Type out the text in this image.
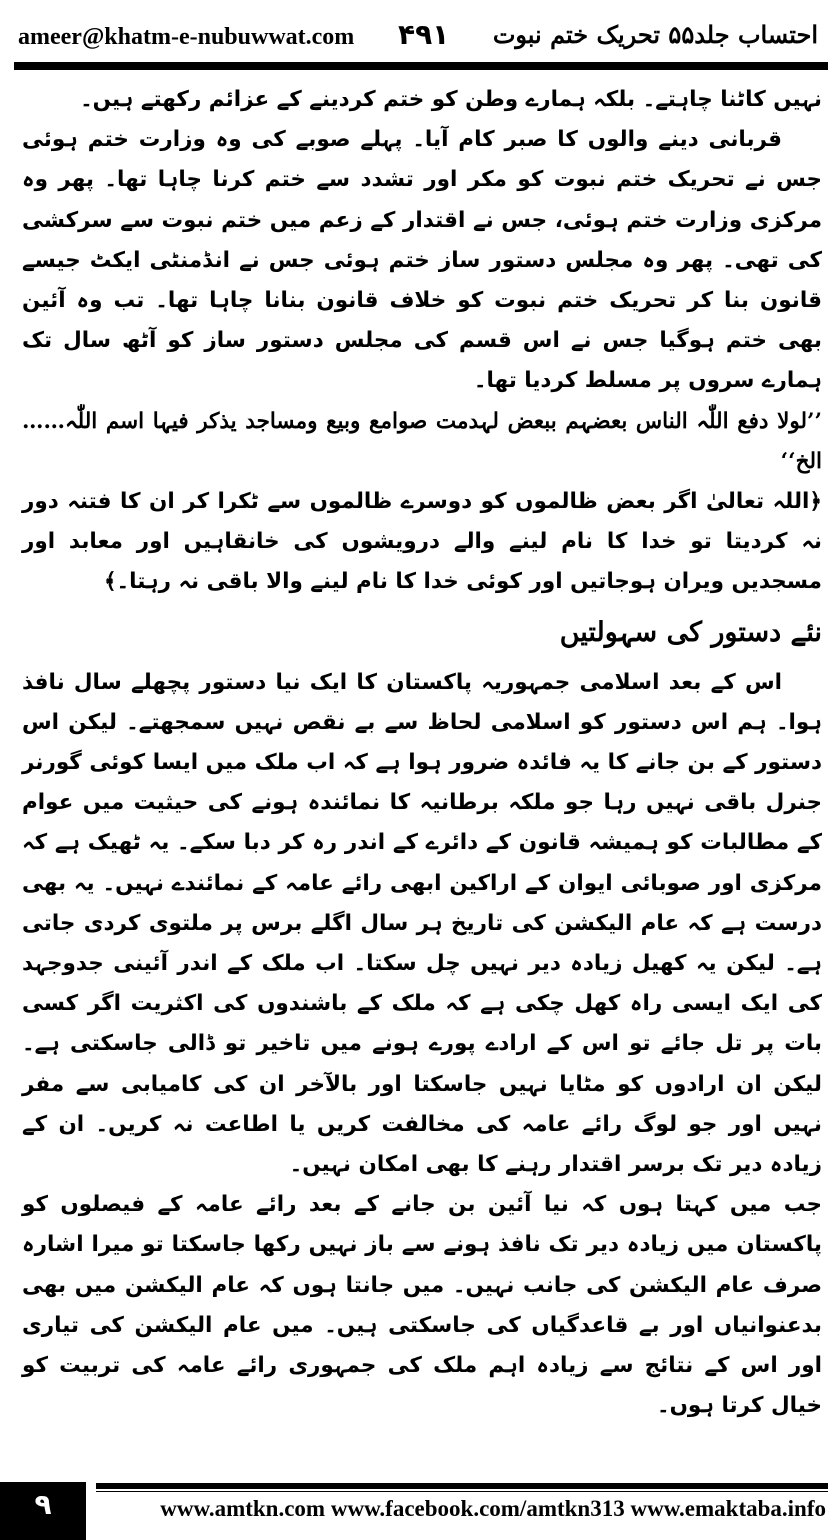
ameer@khatm-e-nubuwwat.com ۴۹۱ احتساب جلد۵۵ تحریک ختم نبوت

نہیں کاٹنا چاہتے۔ بلکہ ہمارے وطن کو ختم کردینے کے عزائم رکھتے ہیں۔

قربانی دینے والوں کا صبر کام آیا۔ پہلے صوبے کی وہ وزارت ختم ہوئی جس نے تحریک ختم نبوت کو مکر اور تشدد سے ختم کرنا چاہا تھا۔ پھر وہ مرکزی وزارت ختم ہوئی، جس نے اقتدار کے زعم میں ختم نبوت سے سرکشی کی تھی۔ پھر وہ مجلس دستور ساز ختم ہوئی جس نے انڈمنٹی ایکٹ جیسے قانون بنا کر تحریک ختم نبوت کو خلاف قانون بنانا چاہا تھا۔ تب وہ آئین بھی ختم ہوگیا جس نے اس قسم کی مجلس دستور ساز کو آٹھ سال تک ہمارے سروں پر مسلط کردیا تھا۔

’’لولا دفع اللّٰہ الناس بعضہم ببعض لہدمت صوامع وبیع ومساجد یذکر فیہا اسم اللّٰہ……الخ‘‘

﴿اللہ تعالیٰ اگر بعض ظالموں کو دوسرے ظالموں سے ٹکرا کر ان کا فتنہ دور نہ کردیتا تو خدا کا نام لینے والے درویشوں کی خانقاہیں اور معابد اور مسجدیں ویران ہوجاتیں اور کوئی خدا کا نام لینے والا باقی نہ رہتا۔﴾

نئے دستور کی سہولتیں

اس کے بعد اسلامی جمہوریہ پاکستان کا ایک نیا دستور پچھلے سال نافذ ہوا۔ ہم اس دستور کو اسلامی لحاظ سے بے نقص نہیں سمجھتے۔ لیکن اس دستور کے بن جانے کا یہ فائدہ ضرور ہوا ہے کہ اب ملک میں ایسا کوئی گورنر جنرل باقی نہیں رہا جو ملکہ برطانیہ کا نمائندہ ہونے کی حیثیت میں عوام کے مطالبات کو ہمیشہ قانون کے دائرے کے اندر رہ کر دبا سکے۔ یہ ٹھیک ہے کہ مرکزی اور صوبائی ایوان کے اراکین ابھی رائے عامہ کے نمائندے نہیں۔ یہ بھی درست ہے کہ عام الیکشن کی تاریخ ہر سال اگلے برس پر ملتوی کردی جاتی ہے۔ لیکن یہ کھیل زیادہ دیر نہیں چل سکتا۔ اب ملک کے اندر آئینی جدوجہد کی ایک ایسی راہ کھل چکی ہے کہ ملک کے باشندوں کی اکثریت اگر کسی بات پر تل جائے تو اس کے ارادے پورے ہونے میں تاخیر تو ڈالی جاسکتی ہے۔ لیکن ان ارادوں کو مٹایا نہیں جاسکتا اور بالآخر ان کی کامیابی سے مفر نہیں اور جو لوگ رائے عامہ کی مخالفت کریں یا اطاعت نہ کریں۔ ان کے زیادہ دیر تک برسر اقتدار رہنے کا بھی امکان نہیں۔

جب میں کہتا ہوں کہ نیا آئین بن جانے کے بعد رائے عامہ کے فیصلوں کو پاکستان میں زیادہ دیر تک نافذ ہونے سے باز نہیں رکھا جاسکتا تو میرا اشارہ صرف عام الیکشن کی جانب نہیں۔ میں جانتا ہوں کہ عام الیکشن میں بھی بدعنوانیاں اور بے قاعدگیاں کی جاسکتی ہیں۔ میں عام الیکشن کی تیاری اور اس کے نتائج سے زیادہ اہم ملک کی جمہوری رائے عامہ کی تربیت کو خیال کرتا ہوں۔

۹	www.amtkn.com www.facebook.com/amtkn313 www.emaktaba.info
